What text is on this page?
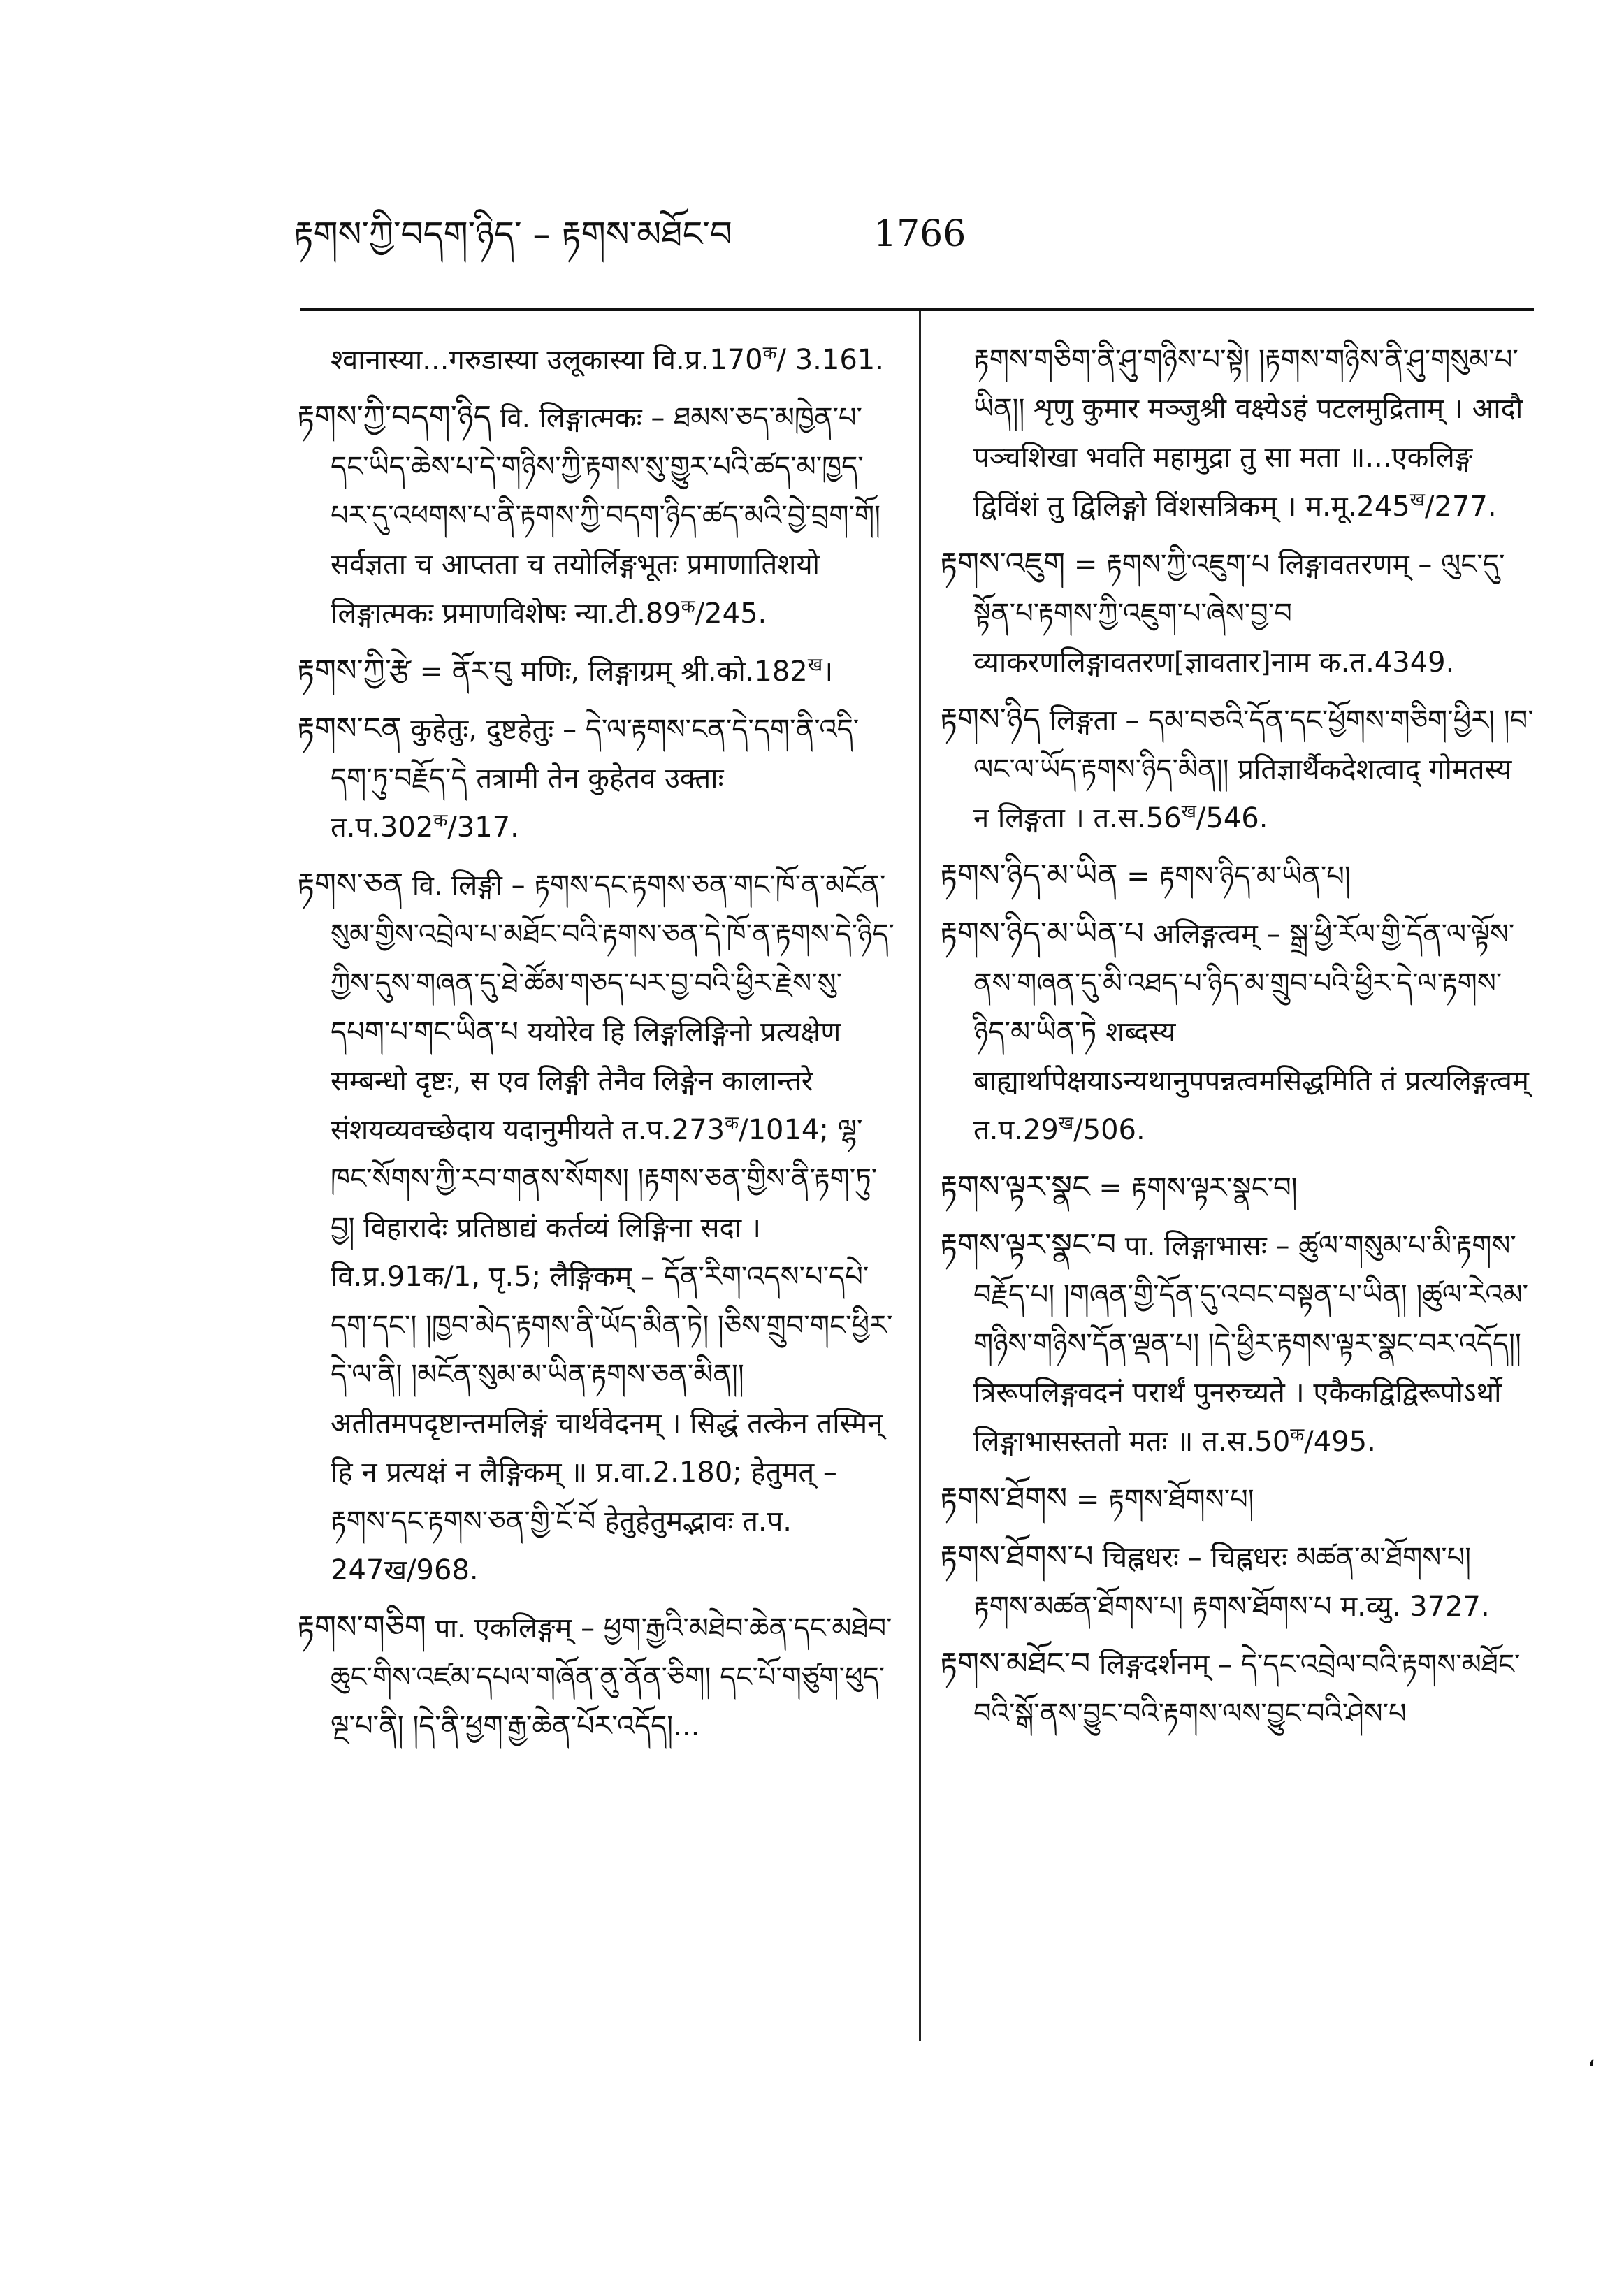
རྟགས་ཀྱི་བདག་ཉིད་ – རྟགས་མཐོང་བ	1766

श्वानास्या...गरुडास्या उलूकास्या $वि.प्र.170^क/$ 3.161.

རྟགས་ཀྱི་བདག་ཉིད वि. लिङ्गात्मकः – ཐམས་ཅད་མཁྱེན་པ་དང་ཡིད་ཆེས་པ་དེ་གཉིས་ཀྱི་རྟགས་སུ་གྱུར་པའི་ཚད་མ་ཁྱད་པར་དུ་འཕགས་པ་ནི་རྟགས་ཀྱི་བདག་ཉིད་ཚད་མའི་བྱེ་བྲག་གོ། सर्वज्ञता च आप्तता च तयोर्लिङ्गभूतः प्रमाणातिशयो लिङ्गात्मकः प्रमाणविशेषः $न्या.टी.89^क/245$.

རྟགས་ཀྱི་རྩེ = ནོར་བུ मणिः, लिङ्गाग्रम् $श्री.को.182^ख।$

རྟགས་ངན कुहेतुः, दुष्टहेतुः – དེ་ལ་རྟགས་ངན་དེ་དག་ནི་འདི་དག་ཏུ་བརྗོད་དེ तत्रामी तेन कुहेतव उक्ताः $त.प.302^क/317$.

རྟགས་ཅན वि. लिङ्गी – རྟགས་དང་རྟགས་ཅན་གང་ཁོ་ན་མངོན་སུམ་གྱིས་འབྲེལ་པ་མཐོང་བའི་རྟགས་ཅན་དེ་ཁོ་ན་རྟགས་དེ་ཉིད་ཀྱིས་དུས་གཞན་དུ་ཐེ་ཚོམ་གཅད་པར་བྱ་བའི་ཕྱིར་རྗེས་སུ་དཔག་པ་གང་ཡིན་པ ययोरेव हि लिङ्गलिङ्गिनो प्रत्यक्षेण सम्बन्धो दृष्टः, स एव लिङ्गी तेनैव लिङ्गेन कालान्तरे संशयव्यवच्छेदाय यदानुमीयते $त.प.273^क/1014$; ལྷ་ཁང་སོགས་ཀྱི་རབ་གནས་སོགས། །རྟགས་ཅན་གྱིས་ནི་རྟག་ཏུ་བྱ། विहारादेः प्रतिष्ठाद्यं कर्तव्यं लिङ्गिना सदा । वि.प्र.91क/1, पृ.5; लैङ्गिकम् – དོན་རིག་འདས་པ་དཔེ་དག་དང་། །ཁྱབ་མེད་རྟགས་ནི་ཡོད་མིན་ཏེ། །ཅིས་གྲུབ་གང་ཕྱིར་དེ་ལ་ནི། །མངོན་སུམ་མ་ཡིན་རྟགས་ཅན་མིན།། अतीतमपदृष्टान्तमलिङ्गं चार्थवेदनम् । सिद्धं तत्केन तस्मिन् हि न प्रत्यक्षं न लैङ्गिकम् ॥ प्र.वा.2.180; हेतुमत् – རྟགས་དང་རྟགས་ཅན་གྱི་ངོ་བོ हेतुहेतुमद्भावः त.प. 247ख/968.

རྟགས་གཅིག पा. एकलिङ्गम् – ཕྱག་རྒྱའི་མཐེབ་ཆེན་དང་མཐེབ་ཆུང་གིས་འཛམ་དཔལ་གཞོན་ནུ་ནོན་ཅིག། དང་པོ་གཙུག་ཕུད་ལྔ་པ་ནི། །དེ་ནི་ཕྱག་རྒྱ་ཆེན་པོར་འདོད།...

རྟགས་གཅིག་ནི་ཤུ་གཉིས་པ་སྟེ། །རྟགས་གཉིས་ནི་ཤུ་གསུམ་པ་ཡིན།། शृणु कुमार मञ्जुश्री वक्ष्येऽहं पटलमुद्रिताम् । आदौ पञ्चशिखा भवति महामुद्रा तु सा मता ॥...एकलिङ्ग द्विविंशं तु द्विलिङ्गो विंशसत्रिकम् । $म.मू.245^ख/277$.

རྟགས་འཇུག = རྟགས་ཀྱི་འཇུག་པ लिङ्गावतरणम् – ལུང་དུ་སྟོན་པ་རྟགས་ཀྱི་འཇུག་པ་ཞེས་བྱ་བ व्याकरणलिङ्गावतरण[ज्ञावतार]नाम क.त.4349.

རྟགས་ཉིད लिङ्गता – དམ་བཅའི་དོན་དང་ཕྱོགས་གཅིག་ཕྱིར། །བ་ལང་ལ་ཡོད་རྟགས་ཉིད་མིན།། प्रतिज्ञार्थैकदेशत्वाद् गोमतस्य न लिङ्गता । $त.स.56^ख/546$.

རྟགས་ཉིད་མ་ཡིན = རྟགས་ཉིད་མ་ཡིན་པ།

རྟགས་ཉིད་མ་ཡིན་པ अलिङ्गत्वम् – སྒྲ་ཕྱི་རོལ་གྱི་དོན་ལ་ལྟོས་ནས་གཞན་དུ་མི་འཐད་པ་ཉིད་མ་གྲུབ་པའི་ཕྱིར་དེ་ལ་རྟགས་ཉིད་མ་ཡིན་ཏེ शब्दस्य बाह्यार्थापेक्षयाऽन्यथानुपपन्नत्वमसिद्धमिति तं प्रत्यलिङ्गत्वम् $त.प.29^ख/506$.

རྟགས་ལྟར་སྣང = རྟགས་ལྟར་སྣང་བ།

རྟགས་ལྟར་སྣང་བ पा. लिङ्गाभासः – ཚུལ་གསུམ་པ་མི་རྟགས་བརྗོད་པ། །གཞན་གྱི་དོན་དུ་འབང་བསྟན་པ་ཡིན། །ཚུལ་རེའམ་གཉིས་གཉིས་དོན་ལྡན་པ། །དེ་ཕྱིར་རྟགས་ལྟར་སྣང་བར་འདོད།། त्रिरूपलिङ्गवदनं परार्थं पुनरुच्यते । एकैकद्विद्विरूपोऽर्थो लिङ्गाभासस्ततो मतः ॥ $त.स.50^क/495$.

རྟགས་ཐོགས = རྟགས་ཐོགས་པ།

རྟགས་ཐོགས་པ चिह्नधरः – चिह्नधरः མཚན་མ་ཐོགས་པ། རྟགས་མཚན་ཐོགས་པ། རྟགས་ཐོགས་པ म.व्यु. 3727.

རྟགས་མཐོང་བ लिङ्गदर्शनम् – དེ་དང་འབྲེལ་བའི་རྟགས་མཐོང་བའི་སྒོ་ནས་བྱུང་བའི་རྟགས་ལས་བྱུང་བའི་ཤེས་པ

ʻ
